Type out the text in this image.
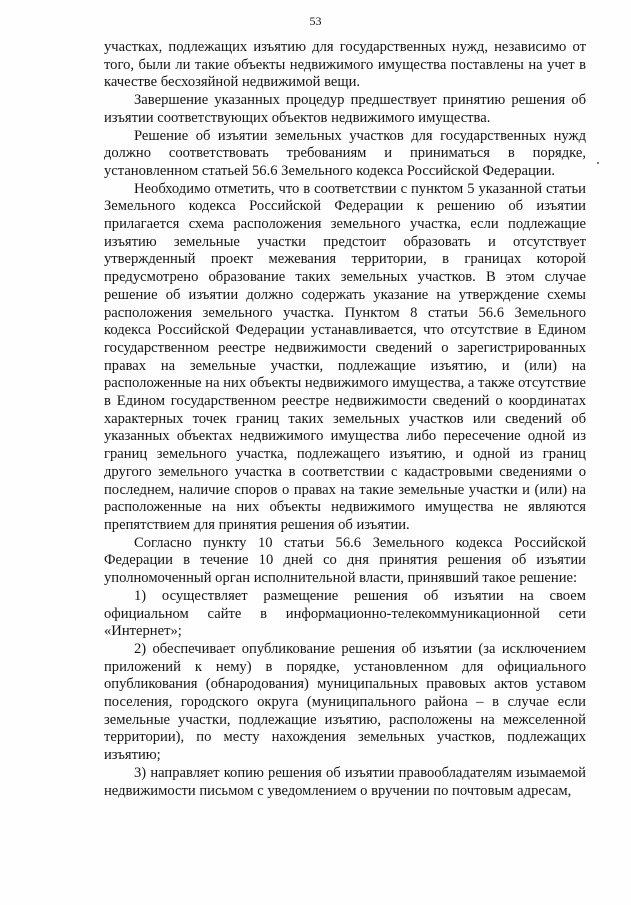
53

участках, подлежащих изъятию для государственных нужд, независимо от того, были ли такие объекты недвижимого имущества поставлены на учет в качестве бесхозяйной недвижимой вещи.

Завершение указанных процедур предшествует принятию решения об изъятии соответствующих объектов недвижимого имущества.

Решение об изъятии земельных участков для государственных нужд должно соответствовать требованиям и приниматься в порядке, установленном статьей 56.6 Земельного кодекса Российской Федерации.

Необходимо отметить, что в соответствии с пунктом 5 указанной статьи Земельного кодекса Российской Федерации к решению об изъятии прилагается схема расположения земельного участка, если подлежащие изъятию земельные участки предстоит образовать и отсутствует утвержденный проект межевания территории, в границах которой предусмотрено образование таких земельных участков. В этом случае решение об изъятии должно содержать указание на утверждение схемы расположения земельного участка. Пунктом 8 статьи 56.6 Земельного кодекса Российской Федерации устанавливается, что отсутствие в Едином государственном реестре недвижимости сведений о зарегистрированных правах на земельные участки, подлежащие изъятию, и (или) на расположенные на них объекты недвижимого имущества, а также отсутствие в Едином государственном реестре недвижимости сведений о координатах характерных точек границ таких земельных участков или сведений об указанных объектах недвижимого имущества либо пересечение одной из границ земельного участка, подлежащего изъятию, и одной из границ другого земельного участка в соответствии с кадастровыми сведениями о последнем, наличие споров о правах на такие земельные участки и (или) на расположенные на них объекты недвижимого имущества не являются препятствием для принятия решения об изъятии.

Согласно пункту 10 статьи 56.6 Земельного кодекса Российской Федерации в течение 10 дней со дня принятия решения об изъятии уполномоченный орган исполнительной власти, принявший такое решение:

1) осуществляет размещение решения об изъятии на своем официальном сайте в информационно-телекоммуникационной сети «Интернет»;

2) обеспечивает опубликование решения об изъятии (за исключением приложений к нему) в порядке, установленном для официального опубликования (обнародования) муниципальных правовых актов уставом поселения, городского округа (муниципального района – в случае если земельные участки, подлежащие изъятию, расположены на межселенной территории), по месту нахождения земельных участков, подлежащих изъятию;

3) направляет копию решения об изъятии правообладателям изымаемой недвижимости письмом с уведомлением о вручении по почтовым адресам,
